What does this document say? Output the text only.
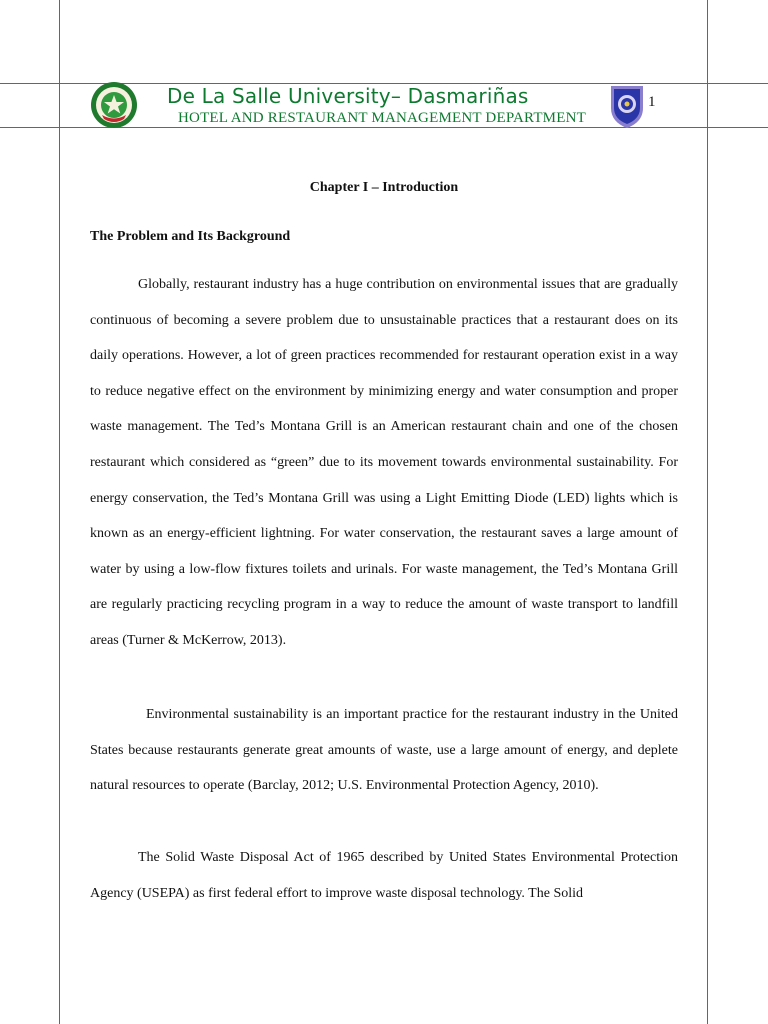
De La Salle University– Dasmariñas
HOTEL AND RESTAURANT MANAGEMENT DEPARTMENT
1
Chapter I – Introduction
The Problem and Its Background

Globally, restaurant industry has a huge contribution on environmental issues that are gradually continuous of becoming a severe problem due to unsustainable practices that a restaurant does on its daily operations. However, a lot of green practices recommended for restaurant operation exist in a way to reduce negative effect on the environment by minimizing energy and water consumption and proper waste management. The Ted’s Montana Grill is an American restaurant chain and one of the chosen restaurant which considered as “green” due to its movement towards environmental sustainability. For energy conservation, the Ted’s Montana Grill was using a Light Emitting Diode (LED) lights which is known as an energy-efficient lightning. For water conservation, the restaurant saves a large amount of water by using a low-flow fixtures toilets and urinals. For waste management, the Ted’s Montana Grill are regularly practicing recycling program in a way to reduce the amount of waste transport to landfill areas (Turner & McKerrow, 2013).

Environmental sustainability is an important practice for the restaurant industry in the United States because restaurants generate great amounts of waste, use a large amount of energy, and deplete natural resources to operate (Barclay, 2012; U.S. Environmental Protection Agency, 2010).

The Solid Waste Disposal Act of 1965 described by United States Environmental Protection Agency (USEPA) as first federal effort to improve waste disposal technology. The Solid
